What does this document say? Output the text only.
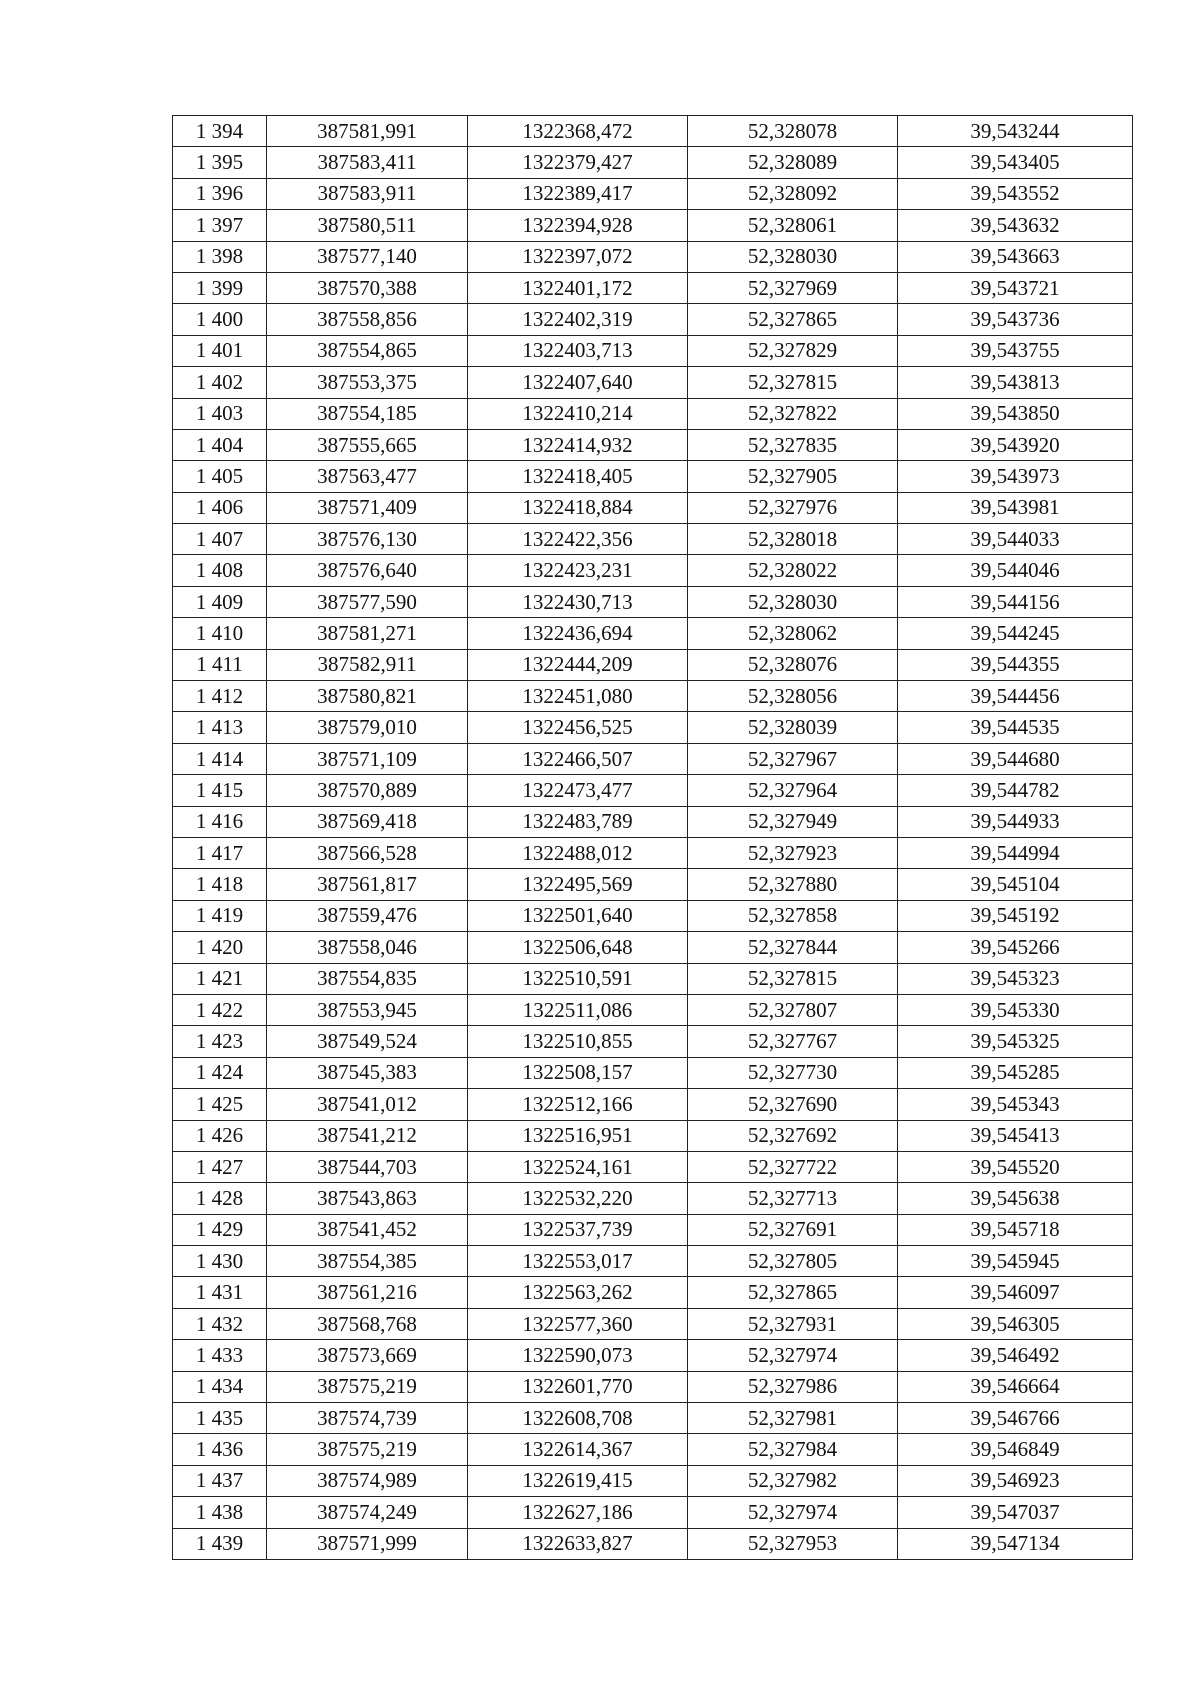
1 394	387581,991	1322368,472	52,328078	39,543244
1 395	387583,411	1322379,427	52,328089	39,543405
1 396	387583,911	1322389,417	52,328092	39,543552
1 397	387580,511	1322394,928	52,328061	39,543632
1 398	387577,140	1322397,072	52,328030	39,543663
1 399	387570,388	1322401,172	52,327969	39,543721
1 400	387558,856	1322402,319	52,327865	39,543736
1 401	387554,865	1322403,713	52,327829	39,543755
1 402	387553,375	1322407,640	52,327815	39,543813
1 403	387554,185	1322410,214	52,327822	39,543850
1 404	387555,665	1322414,932	52,327835	39,543920
1 405	387563,477	1322418,405	52,327905	39,543973
1 406	387571,409	1322418,884	52,327976	39,543981
1 407	387576,130	1322422,356	52,328018	39,544033
1 408	387576,640	1322423,231	52,328022	39,544046
1 409	387577,590	1322430,713	52,328030	39,544156
1 410	387581,271	1322436,694	52,328062	39,544245
1 411	387582,911	1322444,209	52,328076	39,544355
1 412	387580,821	1322451,080	52,328056	39,544456
1 413	387579,010	1322456,525	52,328039	39,544535
1 414	387571,109	1322466,507	52,327967	39,544680
1 415	387570,889	1322473,477	52,327964	39,544782
1 416	387569,418	1322483,789	52,327949	39,544933
1 417	387566,528	1322488,012	52,327923	39,544994
1 418	387561,817	1322495,569	52,327880	39,545104
1 419	387559,476	1322501,640	52,327858	39,545192
1 420	387558,046	1322506,648	52,327844	39,545266
1 421	387554,835	1322510,591	52,327815	39,545323
1 422	387553,945	1322511,086	52,327807	39,545330
1 423	387549,524	1322510,855	52,327767	39,545325
1 424	387545,383	1322508,157	52,327730	39,545285
1 425	387541,012	1322512,166	52,327690	39,545343
1 426	387541,212	1322516,951	52,327692	39,545413
1 427	387544,703	1322524,161	52,327722	39,545520
1 428	387543,863	1322532,220	52,327713	39,545638
1 429	387541,452	1322537,739	52,327691	39,545718
1 430	387554,385	1322553,017	52,327805	39,545945
1 431	387561,216	1322563,262	52,327865	39,546097
1 432	387568,768	1322577,360	52,327931	39,546305
1 433	387573,669	1322590,073	52,327974	39,546492
1 434	387575,219	1322601,770	52,327986	39,546664
1 435	387574,739	1322608,708	52,327981	39,546766
1 436	387575,219	1322614,367	52,327984	39,546849
1 437	387574,989	1322619,415	52,327982	39,546923
1 438	387574,249	1322627,186	52,327974	39,547037
1 439	387571,999	1322633,827	52,327953	39,547134
